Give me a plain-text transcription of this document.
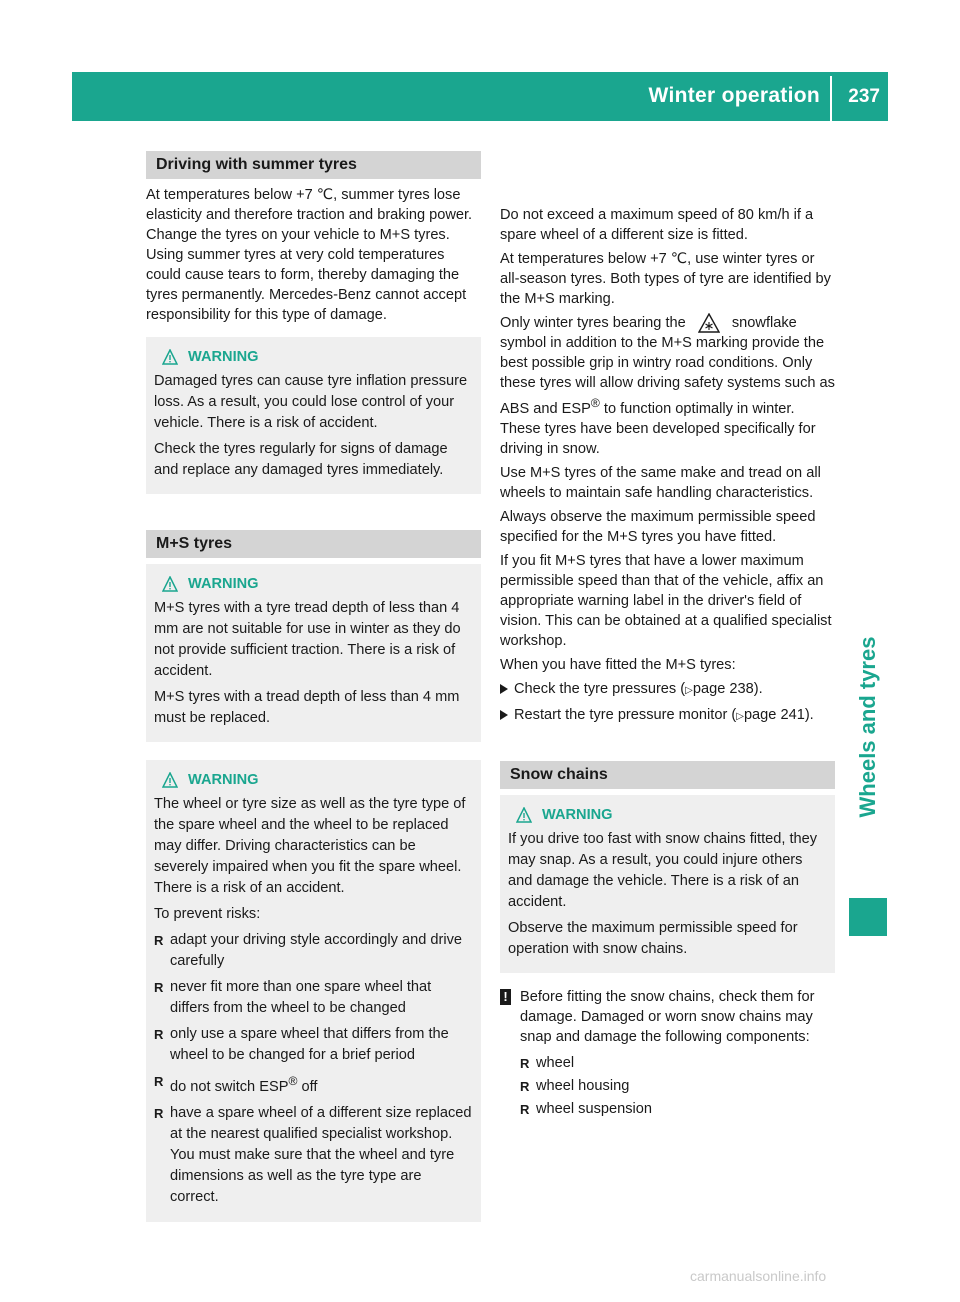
Winter operation 237
Wheels and tyres
Driving with summer tyres

At temperatures below +7 ℃, summer tyres lose elasticity and therefore traction and braking power. Change the tyres on your vehicle to M+S tyres. Using summer tyres at very cold temperatures could cause tears to form, thereby damaging the tyres permanently. Mercedes-Benz cannot accept responsibility for this type of damage.

WARNING

Damaged tyres can cause tyre inflation pressure loss. As a result, you could lose control of your vehicle. There is a risk of accident.

Check the tyres regularly for signs of damage and replace any damaged tyres immediately.

M+S tyres
WARNING

M+S tyres with a tyre tread depth of less than 4 mm are not suitable for use in winter as they do not provide sufficient traction. There is a risk of accident.

M+S tyres with a tread depth of less than 4 mm must be replaced.

WARNING

The wheel or tyre size as well as the tyre type of the spare wheel and the wheel to be replaced may differ. Driving characteristics can be severely impaired when you fit the spare wheel. There is a risk of an accident.

To prevent risks:

R adapt your driving style accordingly and drive carefully
R never fit more than one spare wheel that differs from the wheel to be changed
R only use a spare wheel that differs from the wheel to be changed for a brief period
R do not switch ESP® off
R have a spare wheel of a different size replaced at the nearest qualified specialist workshop. You must make sure that the wheel and tyre dimensions as well as the tyre type are correct.

Do not exceed a maximum speed of 80 km/h if a spare wheel of a different size is fitted.

At temperatures below +7 ℃, use winter tyres or all-season tyres. Both types of tyre are identified by the M+S marking.

Only winter tyres bearing the	snowflake symbol in addition to the M+S marking provide the best possible grip in wintry road conditions. Only these tyres will allow driving safety systems such as ABS and ESP® to function optimally in winter. These tyres have been developed specifically for driving in snow.

Use M+S tyres of the same make and tread on all wheels to maintain safe handling characteristics.

Always observe the maximum permissible speed specified for the M+S tyres you have fitted.

If you fit M+S tyres that have a lower maximum permissible speed than that of the vehicle, affix an appropriate warning label in the driver's field of vision. This can be obtained at a qualified specialist workshop.

When you have fitted the M+S tyres:

Check the tyre pressures (▷page 238).
Restart the tyre pressure monitor (▷page 241).
Snow chains
WARNING

If you drive too fast with snow chains fitted, they may snap. As a result, you could injure others and damage the vehicle. There is a risk of an accident.

Observe the maximum permissible speed for operation with snow chains.

! Before fitting the snow chains, check them for damage. Damaged or worn snow chains may snap and damage the following components:
R wheel
R wheel housing
R wheel suspension
carmanualsonline.info
